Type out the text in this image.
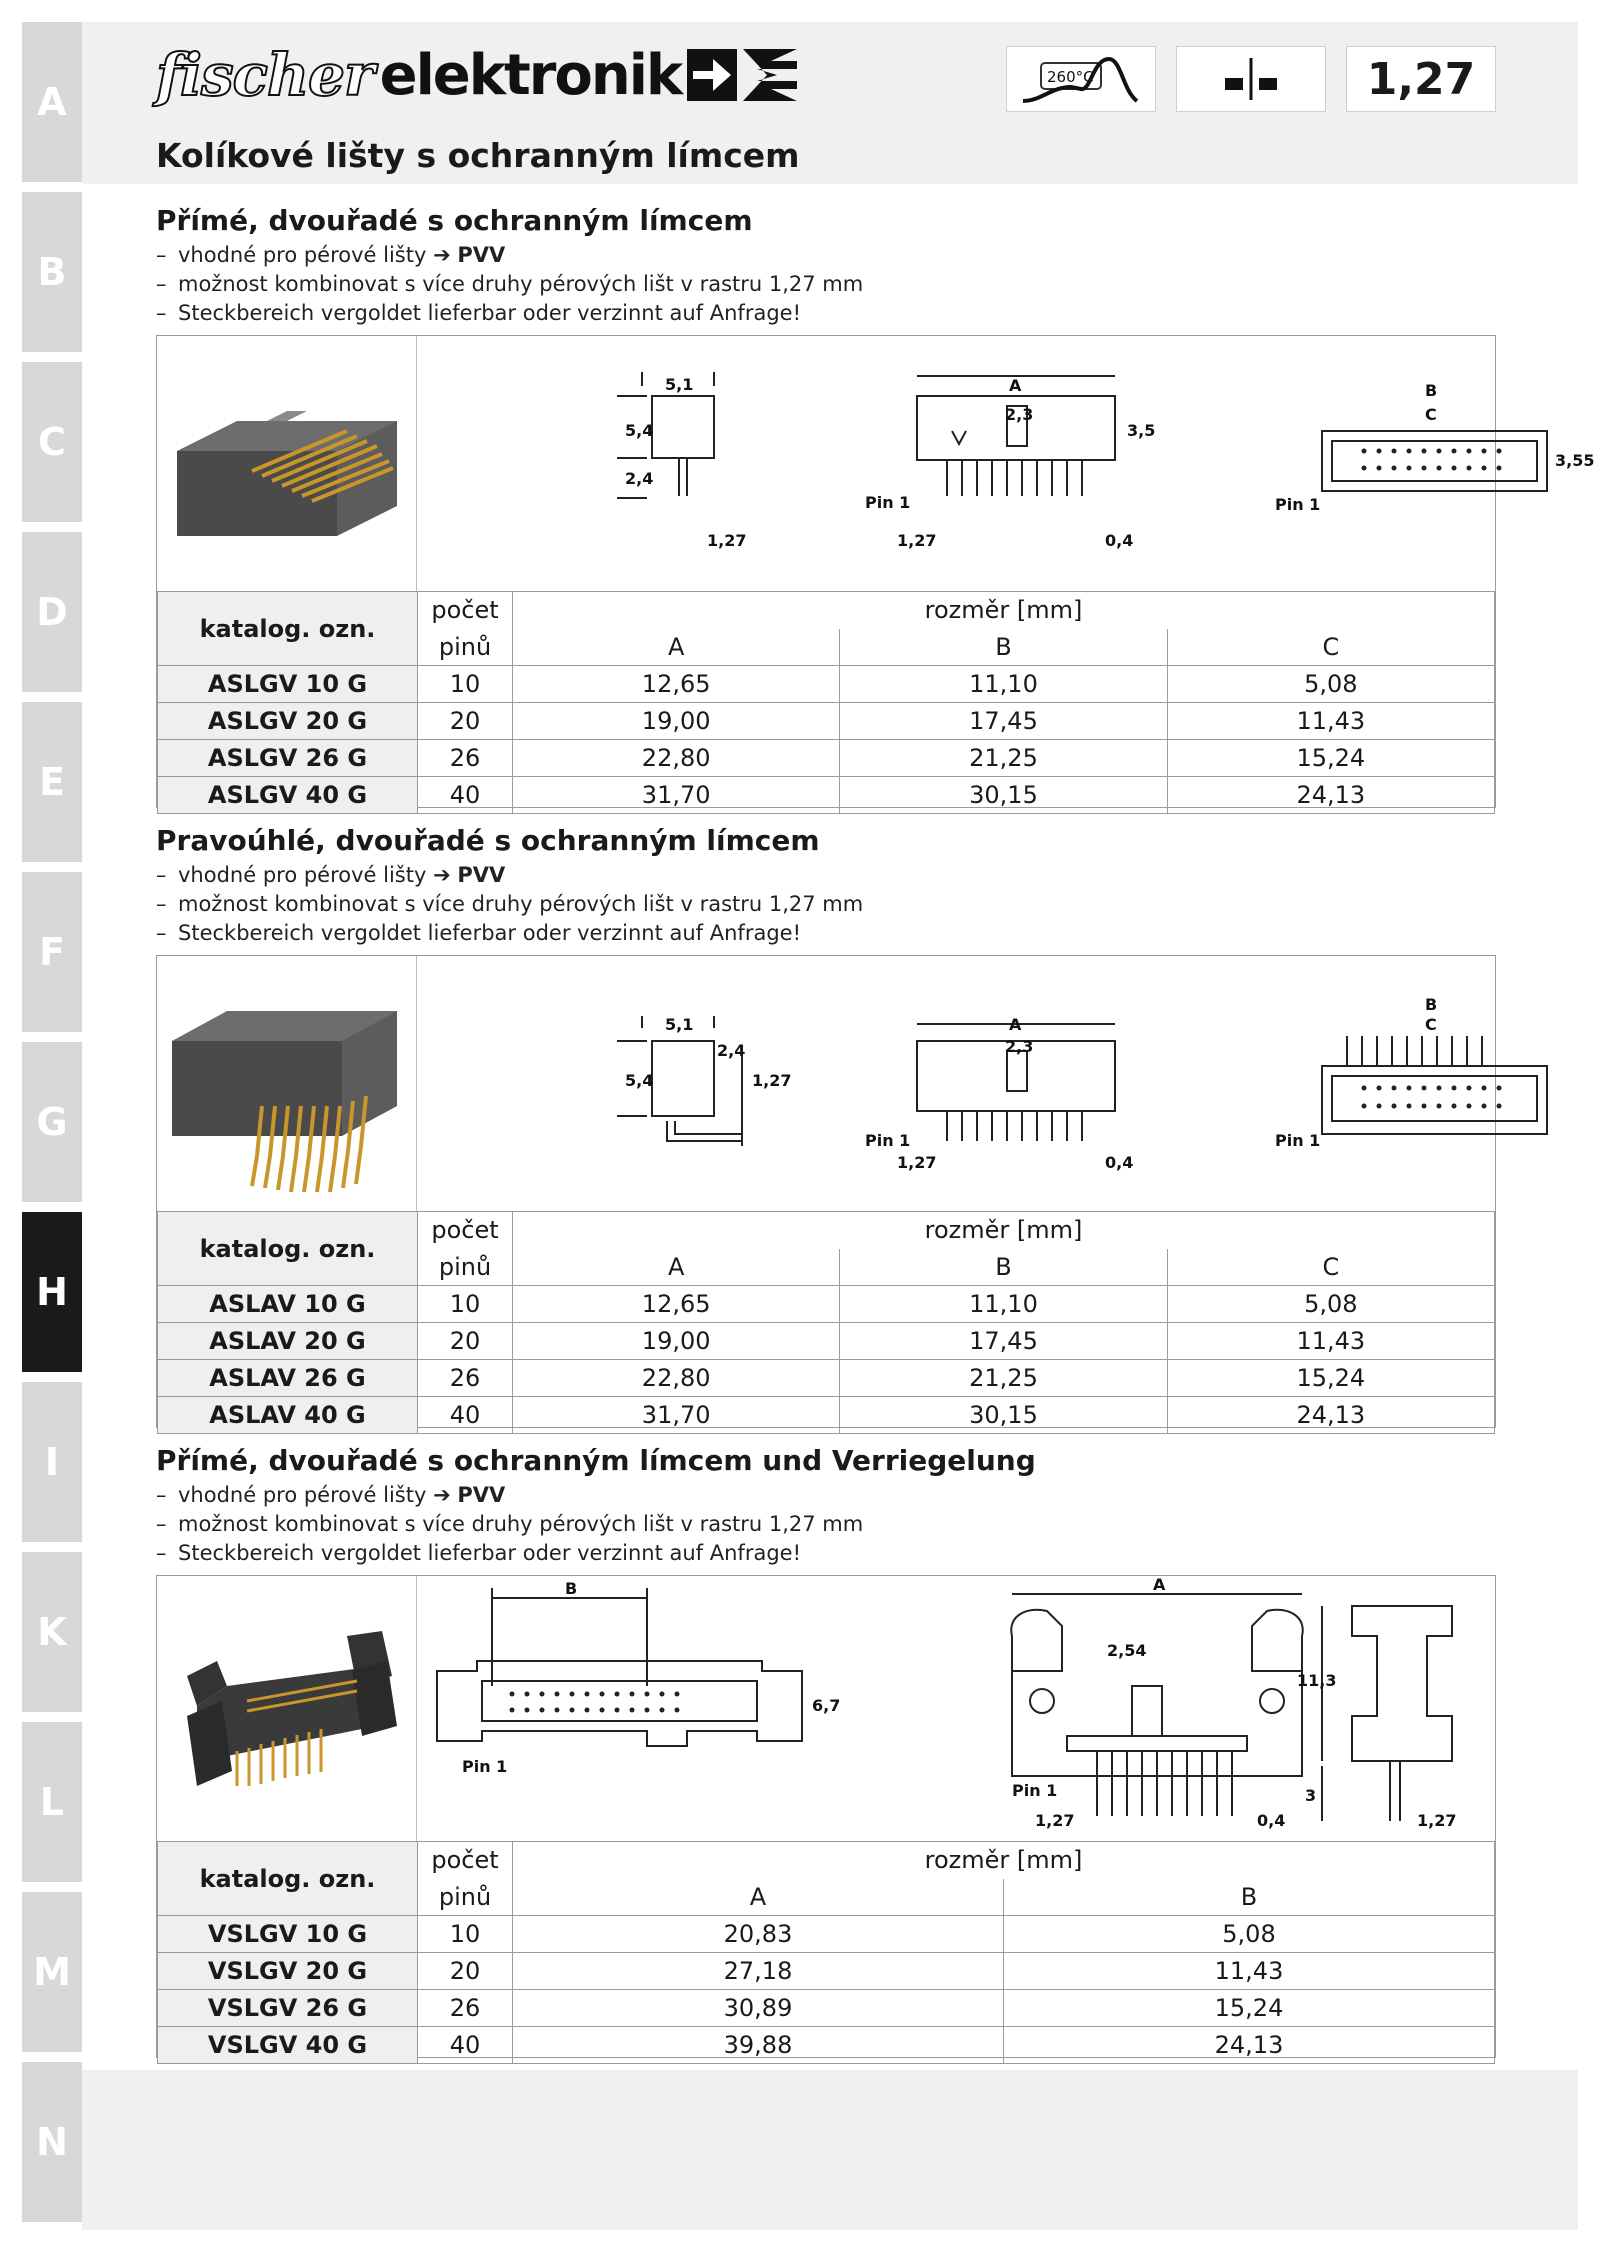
A
B
C
D
E
F
G
H
I
K
L
M
N
fischer elektronik	260°C	1,27
Kolíkové lišty s ochranným límcem
Přímé, dvouřadé s ochranným límcem
– vhodné pro pérové lišty ➔ PVV
– možnost kombinovat s více druhy pérových lišt v rastru 1,27 mm
– Steckbereich vergoldet lieferbar oder verzinnt auf Anfrage!
5,1
5,4
2,4
1,27
A
2,3
3,5
Pin 1
1,27	0,4
B
C
3,55
Pin 1
katalog. ozn.	počet	rozměr [mm]		
	pinů	A	B	C
ASLGV 10 G	10	12,65	11,10	5,08
ASLGV 20 G	20	19,00	17,45	11,43
ASLGV 26 G	26	22,80	21,25	15,24
ASLGV 40 G	40	31,70	30,15	24,13
Pravoúhlé, dvouřadé s ochranným límcem
– vhodné pro pérové lišty ➔ PVV
– možnost kombinovat s více druhy pérových lišt v rastru 1,27 mm
– Steckbereich vergoldet lieferbar oder verzinnt auf Anfrage!
5,1
2,4
5,4	1,27
A
2,3
Pin 1
1,27	0,4
B
C
Pin 1
katalog. ozn.	počet	rozměr [mm]		
	pinů	A	B	C
ASLAV 10 G	10	12,65	11,10	5,08
ASLAV 20 G	20	19,00	17,45	11,43
ASLAV 26 G	26	22,80	21,25	15,24
ASLAV 40 G	40	31,70	30,15	24,13
Přímé, dvouřadé s ochranným límcem und Verriegelung
– vhodné pro pérové lišty ➔ PVV
– možnost kombinovat s více druhy pérových lišt v rastru 1,27 mm
– Steckbereich vergoldet lieferbar oder verzinnt auf Anfrage!
B
6,7
Pin 1
A
2,54
Pin 1
1,27	0,4
11,3
3
1,27
katalog. ozn.	počet	rozměr [mm]	
	pinů	A	B
VSLGV 10 G	10	20,83	5,08
VSLGV 20 G	20	27,18	11,43
VSLGV 26 G	26	30,89	15,24
VSLGV 40 G	40	39,88	24,13
